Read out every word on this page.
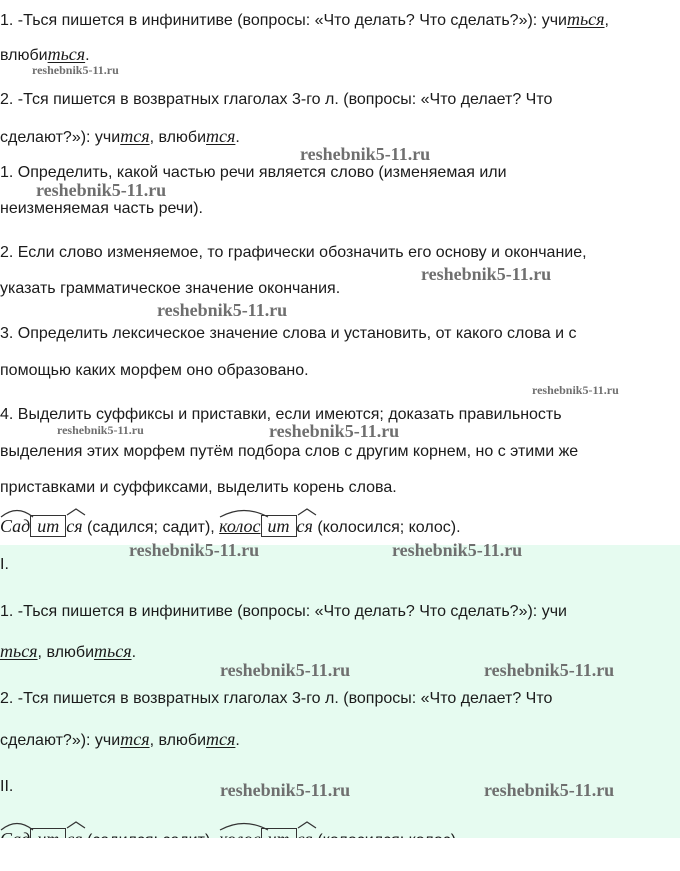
1. -Ться пишется в инфинитиве (вопросы: «Что делать? Что сделать?»): учиться,
влюбиться.
2. -Тся пишется в возвратных глаголах 3-го л. (вопросы: «Что делает? Что
сделают?»): учится, влюбится.
1. Определить, какой частью речи является слово (изменяемая или
неизменяемая часть речи).
2. Если слово изменяемое, то графически обозначить его основу и окончание,
указать грамматическое значение окончания.
3. Определить лексическое значение слова и установить, от какого слова и с
помощью каких морфем оно образовано.
4. Выделить суффиксы и приставки, если имеются; доказать правильность
выделения этих морфем путём подбора слов с другим корнем, но с этими же
приставками и суффиксами, выделить корень слова.
Сад ит ся (садился; садит), колос ит ся (колосился; колос).
I.
1. -Ться пишется в инфинитиве (вопросы: «Что делать? Что сделать?»): учи
ться, влюбиться.
2. -Тся пишется в возвратных глаголах 3-го л. (вопросы: «Что делает? Что
сделают?»): учится, влюбится.
II.

reshebnik5-11.ru
reshebnik5-11.ru
reshebnik5-11.ru
reshebnik5-11.ru
reshebnik5-11.ru
reshebnik5-11.ru
reshebnik5-11.ru	reshebnik5-11.ru
reshebnik5-11.ru	reshebnik5-11.ru
reshebnik5-11.ru	reshebnik5-11.ru
reshebnik5-11.ru	reshebnik5-11.ru
